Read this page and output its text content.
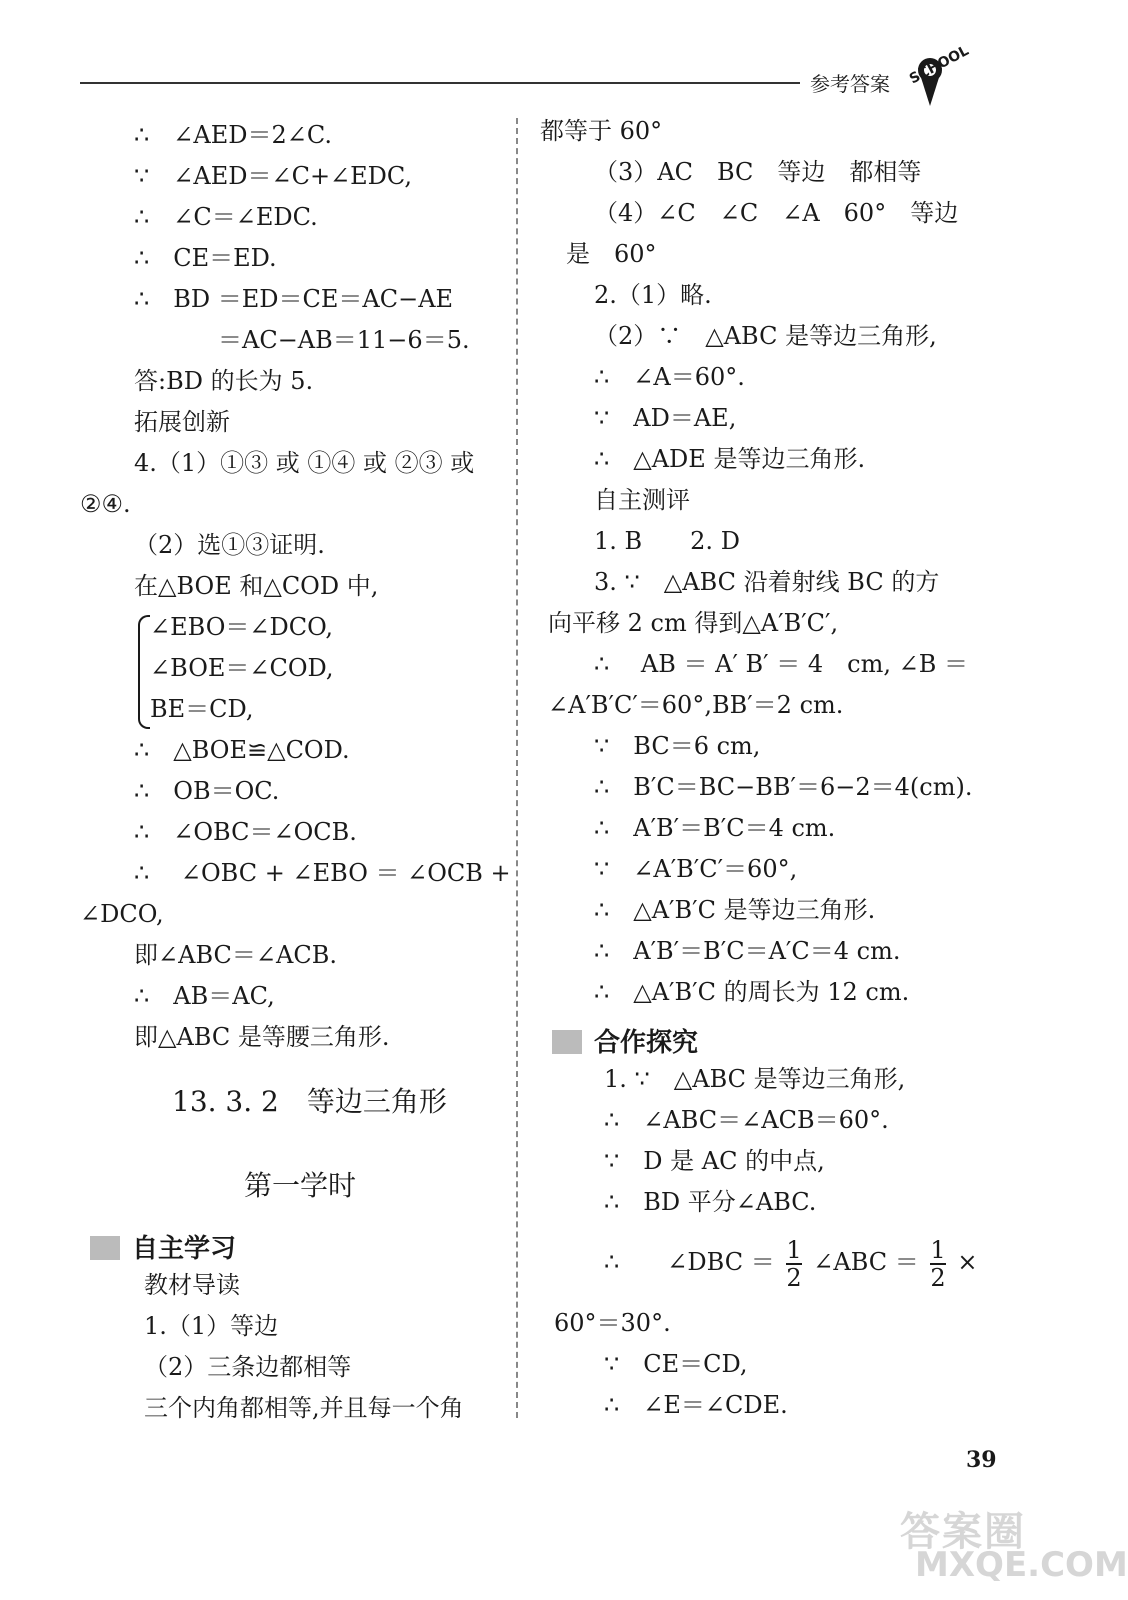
参考答案 SCHOOL
∴　∠AED＝2∠C.
∵　∠AED＝∠C+∠EDC,
∴　∠C＝∠EDC.
∴　CE＝ED.
∴　BD ＝ED＝CE＝AC−AE
＝AC−AB＝11−6＝5.
答:BD 的长为 5.
拓展创新
4.（1）①③ 或 ①④ 或 ②③ 或
②④.
（2）选①③证明.
在△BOE 和△COD 中,
∠EBO＝∠DCO,
∠BOE＝∠COD,
BE＝CD,
∴　△BOE≌△COD.
∴　OB＝OC.
∴　∠OBC＝∠OCB.
∴　 ∠OBC + ∠EBO ＝ ∠OCB +
∠DCO,
即∠ABC＝∠ACB.
∴　AB＝AC,
即△ABC 是等腰三角形.
13. 3. 2　等边三角形
第一学时
自主学习
教材导读
1.（1）等边
（2）三条边都相等
三个内角都相等,并且每一个角
都等于 60°
（3）AC　BC　等边　都相等
（4）∠C　∠C　∠A　60°　等边
是　60°
2.（1）略.
（2）∵　△ABC 是等边三角形,
∴　∠A＝60°.
∵　AD＝AE,
∴　△ADE 是等边三角形.
自主测评
1. B　　2. D
3. ∵　△ABC 沿着射线 BC 的方
向平移 2 cm 得到△A′B′C′,
∴　 AB ＝ A′ B′ ＝ 4　cm, ∠B ＝
∠A′B′C′＝60°,BB′＝2 cm.
∵　BC＝6 cm,
∴　B′C＝BC−BB′＝6−2＝4(cm).
∴　A′B′＝B′C＝4 cm.
∵　∠A′B′C′＝60°,
∴　△A′B′C 是等边三角形.
∴　A′B′＝B′C＝A′C＝4 cm.
∴　△A′B′C 的周长为 12 cm.
合作探究
1. ∵　△ABC 是等边三角形,
∴　∠ABC＝∠ACB＝60°.
∵　D 是 AC 的中点,
∴　BD 平分∠ABC.
∴　　∠DBC ＝ $\frac{1}{2}$ ∠ABC ＝ $\frac{1}{2}$ ×
60°＝30°.
∵　CE＝CD,
∴　∠E＝∠CDE.
39
答案圈
MXQE.COM
